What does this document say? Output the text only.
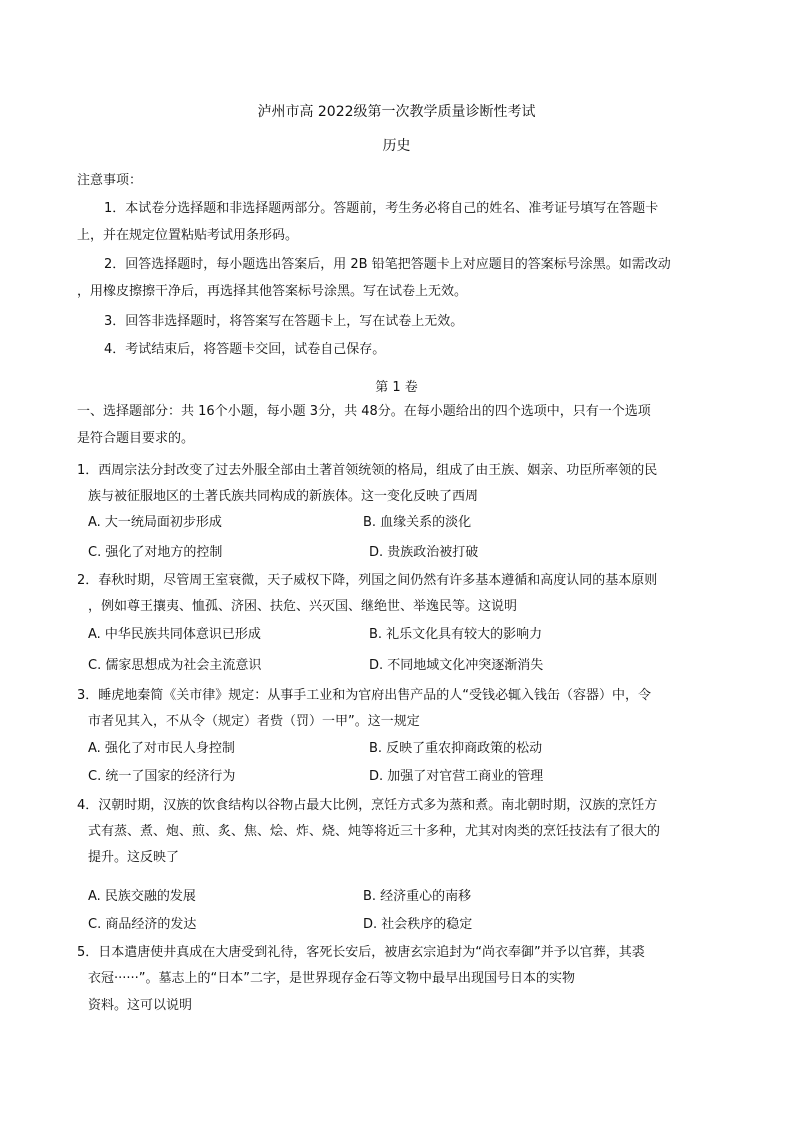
泸州市高 2022级第一次教学质量诊断性考试
历史
注意事项：
1．本试卷分选择题和非选择题两部分。答题前，考生务必将自己的姓名、准考证号填写在答题卡
上，并在规定位置粘贴考试用条形码。
2．回答选择题时，每小题选出答案后，用 2B 铅笔把答题卡上对应题目的答案标号涂黑。如需改动
，用橡皮擦擦干净后，再选择其他答案标号涂黑。写在试卷上无效。
3．回答非选择题时，将答案写在答题卡上，写在试卷上无效。
4．考试结束后，将答题卡交回，试卷自己保存。
第 1 卷
一、选择题部分：共 16个小题，每小题 3分，共 48分。在每小题给出的四个选项中，只有一个选项
是符合题目要求的。
1．西周宗法分封改变了过去外服全部由土著首领统领的格局，组成了由王族、姻亲、功臣所率领的民
族与被征服地区的土著氏族共同构成的新族体。这一变化反映了西周
A. 大一统局面初步形成	B. 血缘关系的淡化
C. 强化了对地方的控制	D. 贵族政治被打破
2．春秋时期，尽管周王室衰微，天子威权下降，列国之间仍然有许多基本遵循和高度认同的基本原则
，例如尊王攘夷、恤孤、济困、扶危、兴灭国、继绝世、举逸民等。这说明
A. 中华民族共同体意识已形成	B. 礼乐文化具有较大的影响力
C. 儒家思想成为社会主流意识	D. 不同地域文化冲突逐渐消失
3．睡虎地秦简《关市律》规定：从事手工业和为官府出售产品的人“受钱必辄入钱缶（容器）中，令
市者见其入，不从令（规定）者赀（罚）一甲”。这一规定
A. 强化了对市民人身控制	B. 反映了重农抑商政策的松动
C. 统一了国家的经济行为	D. 加强了对官营工商业的管理
4．汉朝时期，汉族的饮食结构以谷物占最大比例，烹饪方式多为蒸和煮。南北朝时期，汉族的烹饪方
式有蒸、煮、炮、煎、炙、焦、烩、炸、烧、炖等将近三十多种，尤其对肉类的烹饪技法有了很大的
提升。这反映了
A. 民族交融的发展	B. 经济重心的南移
C. 商品经济的发达	D. 社会秩序的稳定
5．日本遣唐使井真成在大唐受到礼待，客死长安后，被唐玄宗追封为“尚衣奉御”并予以官葬，其裘
衣冠······”。墓志上的“日本”二字，是世界现存金石等文物中最早出现国号日本的实物
资料。这可以说明
